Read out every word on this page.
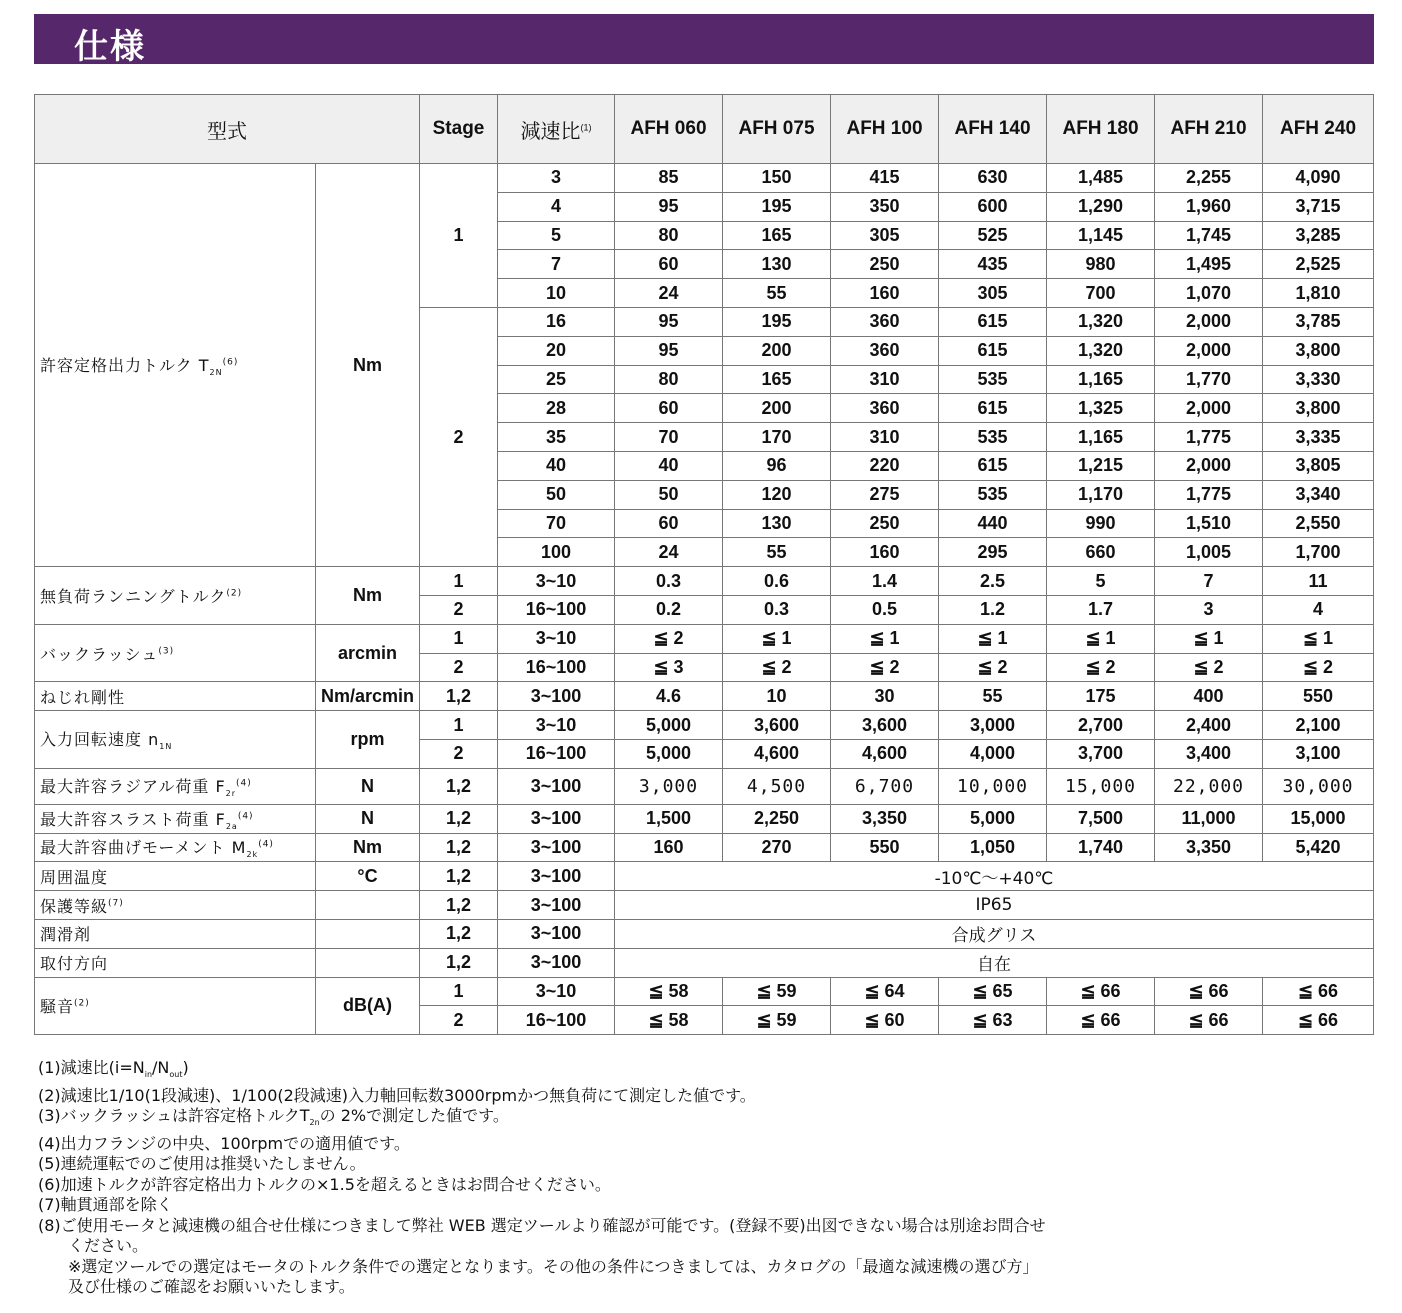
仕様
型式		Stage	減速比$^{(1)}$	AFH 060	AFH 075	AFH 100	AFH 140	AFH 180	AFH 210	AFH 240
許容定格出力トルク $T_{2N}^{(6)}$	Nm	1	3	85	150	415	630	1,485	2,255	4,090
			4	95	195	350	600	1,290	1,960	3,715
			5	80	165	305	525	1,145	1,745	3,285
			7	60	130	250	435	980	1,495	2,525
			10	24	55	160	305	700	1,070	1,810
		2	16	95	195	360	615	1,320	2,000	3,785
			20	95	200	360	615	1,320	2,000	3,800
			25	80	165	310	535	1,165	1,770	3,330
			28	60	200	360	615	1,325	2,000	3,800
			35	70	170	310	535	1,165	1,775	3,335
			40	40	96	220	615	1,215	2,000	3,805
			50	50	120	275	535	1,170	1,775	3,340
			70	60	130	250	440	990	1,510	2,550
			100	24	55	160	295	660	1,005	1,700
無負荷ランニングトルク$^{(2)}$	Nm	1	3~10	0.3	0.6	1.4	2.5	5	7	11
		2	16~100	0.2	0.3	0.5	1.2	1.7	3	4
バックラッシュ$^{(3)}$	arcmin	1	3~10	≦ 2	≦ 1	≦ 1	≦ 1	≦ 1	≦ 1	≦ 1
		2	16~100	≦ 3	≦ 2	≦ 2	≦ 2	≦ 2	≦ 2	≦ 2
ねじれ剛性	Nm/arcmin	1,2	3~100	4.6	10	30	55	175	400	550
入力回転速度 $n_{1N}$	rpm	1	3~10	5,000	3,600	3,600	3,000	2,700	2,400	2,100
		2	16~100	5,000	4,600	4,600	4,000	3,700	3,400	3,100
最大許容ラジアル荷重 $F_{2r}^{(4)}$	N	1,2	3~100	3,000	4,500	6,700	10,000	15,000	22,000	30,000
最大許容スラスト荷重 $F_{2a}^{(4)}$	N	1,2	3~100	1,500	2,250	3,350	5,000	7,500	11,000	15,000
最大許容曲げモーメント $M_{2k}^{(4)}$	Nm	1,2	3~100	160	270	550	1,050	1,740	3,350	5,420
周囲温度	°C	1,2	3~100	-10℃～+40℃						
保護等級$^{(7)}$		1,2	3~100	IP65						
潤滑剤		1,2	3~100	合成グリス						
取付方向		1,2	3~100	自在						
騒音$^{(2)}$	dB(A)	1	3~10	≦ 58	≦ 59	≦ 64	≦ 65	≦ 66	≦ 66	≦ 66
		2	16~100	≦ 58	≦ 59	≦ 60	≦ 63	≦ 66	≦ 66	≦ 66
(1)減速比$(i=N_{in}/N_{out})$
(2)減速比1/10(1段減速)、1/100(2段減速)入力軸回転数3000rpmかつ無負荷にて測定した値です。
(3)バックラッシュは許容定格トルク$T_{2n}$の 2%で測定した値です。
(4)出力フランジの中央、100rpmでの適用値です。
(5)連続運転でのご使用は推奨いたしません。
(6)加速トルクが許容定格出力トルクの×1.5を超えるときはお問合せください。
(7)軸貫通部を除く
(8)ご使用モータと減速機の組合せ仕様につきまして弊社 WEB 選定ツールより確認が可能です。(登録不要)出図できない場合は別途お問合せ
ください。
※選定ツールでの選定はモータのトルク条件での選定となります。その他の条件につきましては、カタログの「最適な減速機の選び方」
及び仕様のご確認をお願いいたします。
